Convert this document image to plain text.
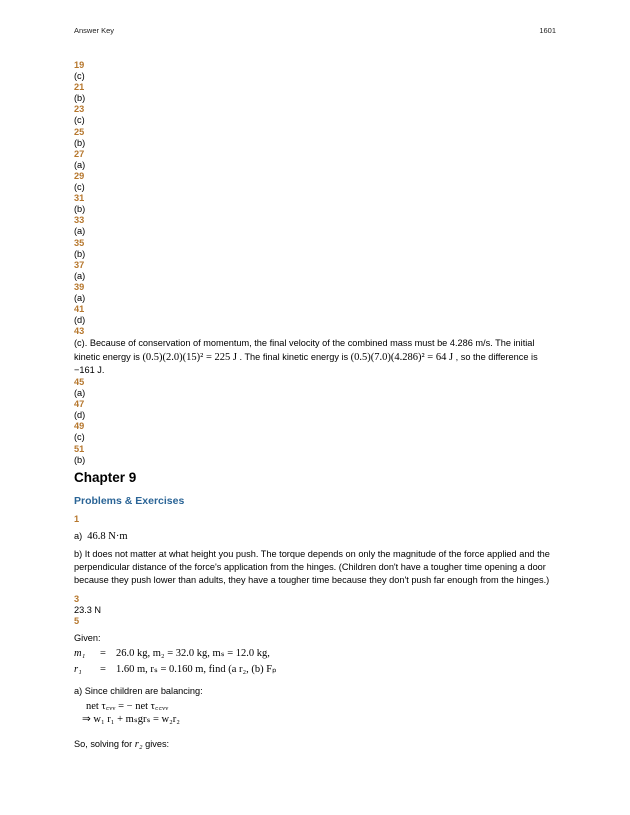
Answer Key	1601
19
(c)
21
(b)
23
(c)
25
(b)
27
(a)
29
(c)
31
(b)
33
(a)
35
(b)
37
(a)
39
(a)
41
(d)
43
(c). Because of conservation of momentum, the final velocity of the combined mass must be 4.286 m/s. The initial kinetic energy is (0.5)(2.0)(15)² = 225 J . The final kinetic energy is (0.5)(7.0)(4.286)² = 64 J , so the difference is −161 J.
45
(a)
47
(d)
49
(c)
51
(b)
Chapter 9
Problems & Exercises
1
a) 46.8 N·m
b) It does not matter at what height you push. The torque depends on only the magnitude of the force applied and the perpendicular distance of the force's application from the hinges. (Children don't have a tougher time opening a door because they push lower than adults, they have a tougher time because they don't push far enough from the hinges.)
3
23.3 N
5
Given:
m₁	= 26.0 kg, m₂ = 32.0 kg, mₛ = 12.0 kg,
r₁	= 1.60 m, rₛ = 0.160 m, find (a r₂, (b) Fₚ
a) Since children are balancing:
net τ꜀ᵥᵥ = − net τ꜀꜀ᵥᵥ
⇒ w₁ r₁ + mₛgrₛ = w₂r₂
So, solving for r₂ gives:
